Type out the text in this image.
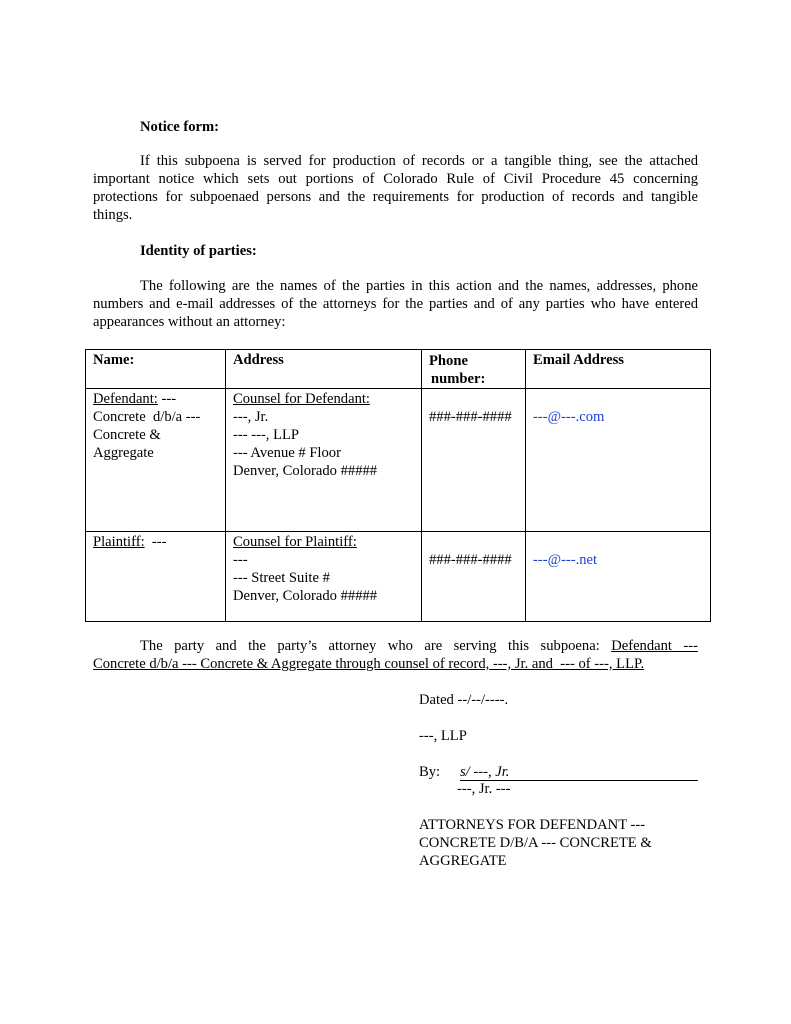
Notice form:
If this subpoena is served for production of records or a tangible thing, see the attached
important notice which sets out portions of Colorado Rule of Civil Procedure 45 concerning
protections for subpoenaed persons and the requirements for production of records and tangible
things.
Identity of parties:
The following are the names of the parties in this action and the names, addresses, phone
numbers and e-mail addresses of the attorneys for the parties and of any parties who have entered
appearances without an attorney:
Name:	Address	Phone
number:	Email Address

Defendant: ---
Concrete  d/b/a ---
Concrete &
Aggregate	Counsel for Defendant:
---, Jr.
--- ---, LLP
--- Avenue # Floor
Denver, Colorado #####	###-###-####	---@---.com

Plaintiff:  ---	Counsel for Plaintiff:
---
--- Street Suite #
Denver, Colorado #####	###-###-####	---@---.net
The party and the party’s attorney who are serving this subpoena: Defendant ---
Concrete d/b/a --- Concrete & Aggregate through counsel of record, ---, Jr. and  --- of ---, LLP.
Dated --/--/----.
---, LLP
By: s/ ---, Jr.
---, Jr. ---
ATTORNEYS FOR DEFENDANT ---
CONCRETE D/B/A --- CONCRETE &
AGGREGATE
